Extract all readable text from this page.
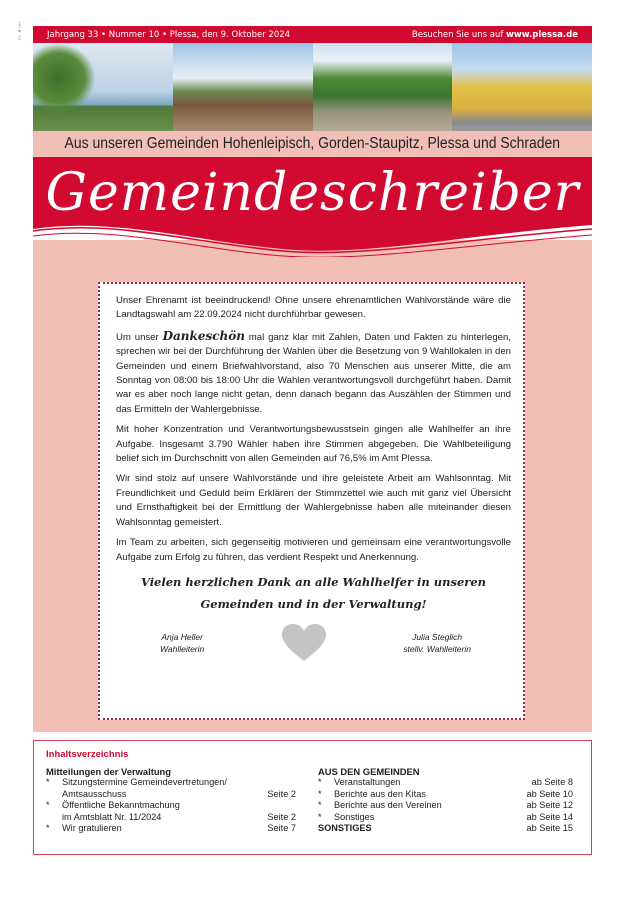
PS ◆ HH	Jahrgang 33 • Nummer 10 • Plessa, den 9. Oktober 2024	Besuchen Sie uns auf www.plessa.de
Aus unseren Gemeinden Hohenleipisch, Gorden-Staupitz, Plessa und Schraden
Gemeindeschreiber

Unser Ehrenamt ist beeindruckend! Ohne unsere ehrenamtlichen Wahlvorstände wäre die Landtagswahl am 22.09.2024 nicht durchführbar gewesen.

Um unser Dankeschön mal ganz klar mit Zahlen, Daten und Fakten zu hinterlegen, sprechen wir bei der Durchführung der Wahlen über die Besetzung von 9 Wahllokalen in den Gemeinden und einem Briefwahlvorstand, also 70 Menschen aus unserer Mitte, die am Sonntag von 08:00 bis 18:00 Uhr die Wahlen verantwortungsvoll durchgeführt haben. Damit war es aber noch lange nicht getan, denn danach begann das Auszählen der Stimmen und das Ermitteln der Wahlergebnisse.

Mit hoher Konzentration und Verantwortungsbewusstsein gingen alle Wahlhelfer an ihre Aufgabe. Insgesamt 3.790 Wähler haben ihre Stimmen abgegeben. Die Wahlbeteiligung belief sich im Durchschnitt von allen Gemeinden auf 76,5% im Amt Plessa.

Wir sind stolz auf unsere Wahlvorstände und ihre geleistete Arbeit am Wahlsonntag. Mit Freundlichkeit und Geduld beim Erklären der Stimmzettel wie auch mit ganz viel Übersicht und Ernsthaftigkeit bei der Ermittlung der Wahlergebnisse haben alle miteinander diesen Wahlsonntag gemeistert.

Im Team zu arbeiten, sich gegenseitig motivieren und gemeinsam eine verantwortungsvolle Aufgabe zum Erfolg zu führen, das verdient Respekt und Anerkennung.

Vielen herzlichen Dank an alle Wahlhelfer in unseren Gemeinden und in der Verwaltung!
Anja Heller
Wahlleiterin
Julia Steglich
stellv. Wahlleiterin
Inhaltsverzeichnis
Mitteilungen der Verwaltung
*	Sitzungstermine Gemeindevertretungen/
Amtsausschuss	Seite 2
*	Öffentliche Bekanntmachung
im Amtsblatt Nr. 11/2024	Seite 2
*	Wir gratulieren	Seite 7
AUS DEN GEMEINDEN
*	Veranstaltungen	ab Seite 8
*	Berichte aus den Kitas	ab Seite 10
*	Berichte aus den Vereinen	ab Seite 12
*	Sonstiges	ab Seite 14
SONSTIGES	ab Seite 15
